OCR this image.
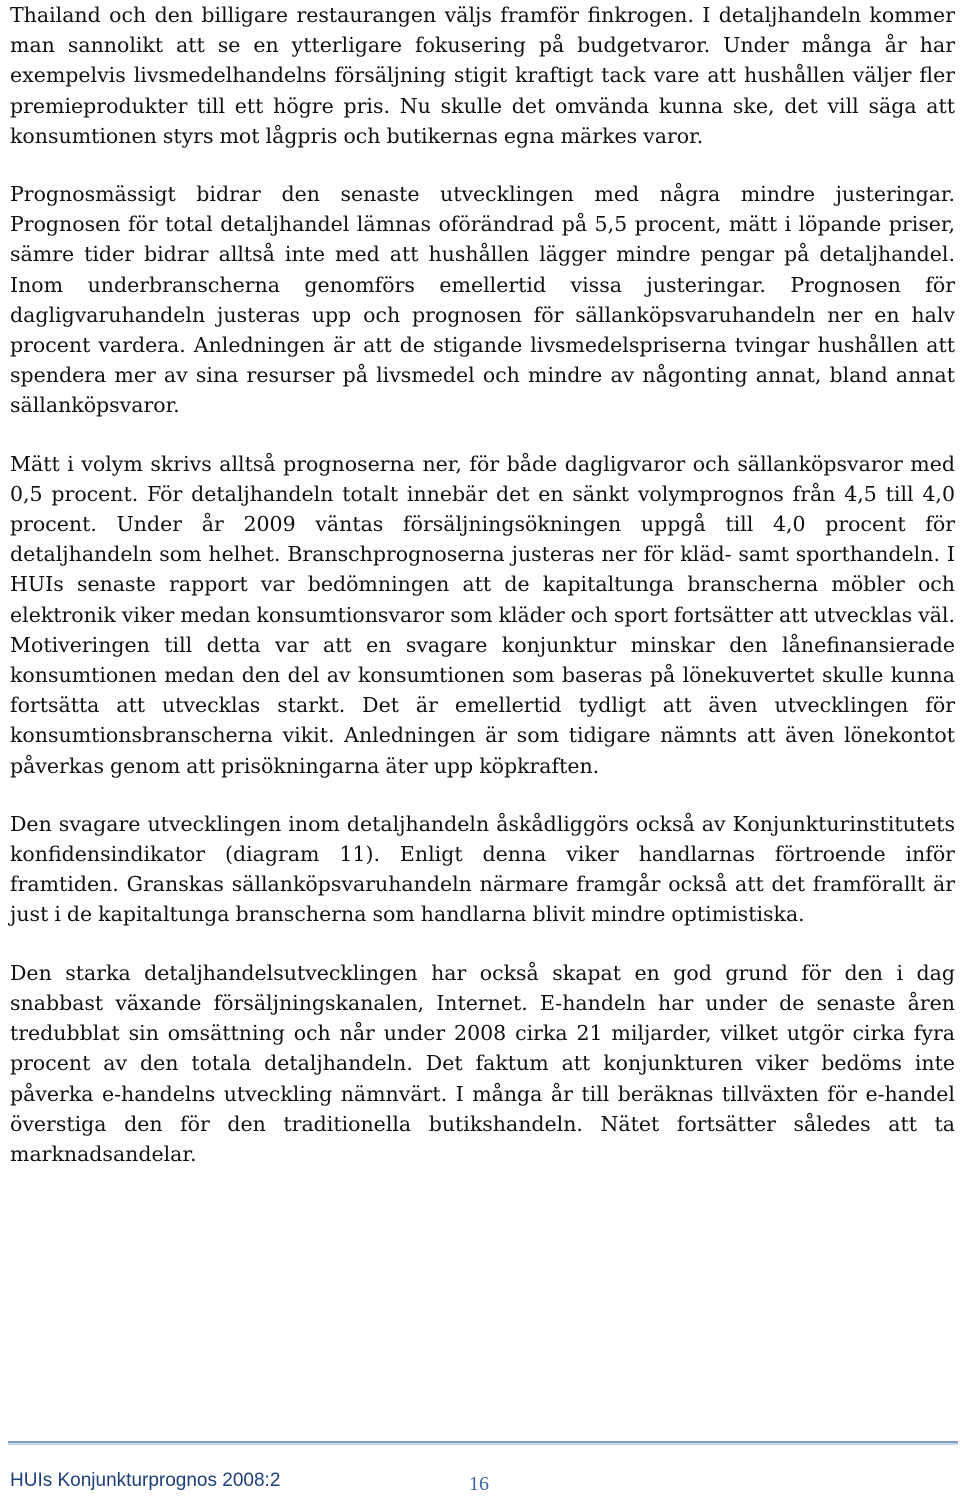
Thailand och den billigare restaurangen väljs framför finkrogen. I detaljhandeln kommer man sannolikt att se en ytterligare fokusering på budgetvaror. Under många år har exempelvis livsmedelhandelns försäljning stigit kraftigt tack vare att hushållen väljer fler premieprodukter till ett högre pris. Nu skulle det omvända kunna ske, det vill säga att konsumtionen styrs mot lågpris och butikernas egna märkes varor.

Prognosmässigt bidrar den senaste utvecklingen med några mindre justeringar. Prognosen för total detaljhandel lämnas oförändrad på 5,5 procent, mätt i löpande priser, sämre tider bidrar alltså inte med att hushållen lägger mindre pengar på detaljhandel. Inom underbranscherna genomförs emellertid vissa justeringar. Prognosen för dagligvaruhandeln justeras upp och prognosen för sällanköpsvaruhandeln ner en halv procent vardera. Anledningen är att de stigande livsmedelspriserna tvingar hushållen att spendera mer av sina resurser på livsmedel och mindre av någonting annat, bland annat sällanköpsvaror.

Mätt i volym skrivs alltså prognoserna ner, för både dagligvaror och sällanköpsvaror med 0,5 procent. För detaljhandeln totalt innebär det en sänkt volymprognos från 4,5 till 4,0 procent. Under år 2009 väntas försäljningsökningen uppgå till 4,0 procent för detaljhandeln som helhet. Branschprognoserna justeras ner för kläd- samt sporthandeln. I HUIs senaste rapport var bedömningen att de kapitaltunga branscherna möbler och elektronik viker medan konsumtionsvaror som kläder och sport fortsätter att utvecklas väl. Motiveringen till detta var att en svagare konjunktur minskar den lånefinansierade konsumtionen medan den del av konsumtionen som baseras på lönekuvertet skulle kunna fortsätta att utvecklas starkt. Det är emellertid tydligt att även utvecklingen för konsumtionsbranscherna vikit. Anledningen är som tidigare nämnts att även lönekontot påverkas genom att prisökningarna äter upp köpkraften.

Den svagare utvecklingen inom detaljhandeln åskådliggörs också av Konjunkturinstitutets konfidensindikator (diagram 11). Enligt denna viker handlarnas förtroende inför framtiden. Granskas sällanköpsvaruhandeln närmare framgår också att det framförallt är just i de kapitaltunga branscherna som handlarna blivit mindre optimistiska.

Den starka detaljhandelsutvecklingen har också skapat en god grund för den i dag snabbast växande försäljningskanalen, Internet. E-handeln har under de senaste åren tredubblat sin omsättning och når under 2008 cirka 21 miljarder, vilket utgör cirka fyra procent av den totala detaljhandeln. Det faktum att konjunkturen viker bedöms inte påverka e-handelns utveckling nämnvärt. I många år till beräknas tillväxten för e-handel överstiga den för den traditionella butikshandeln. Nätet fortsätter således att ta marknadsandelar.

HUIs Konjunkturprognos 2008:2	16
